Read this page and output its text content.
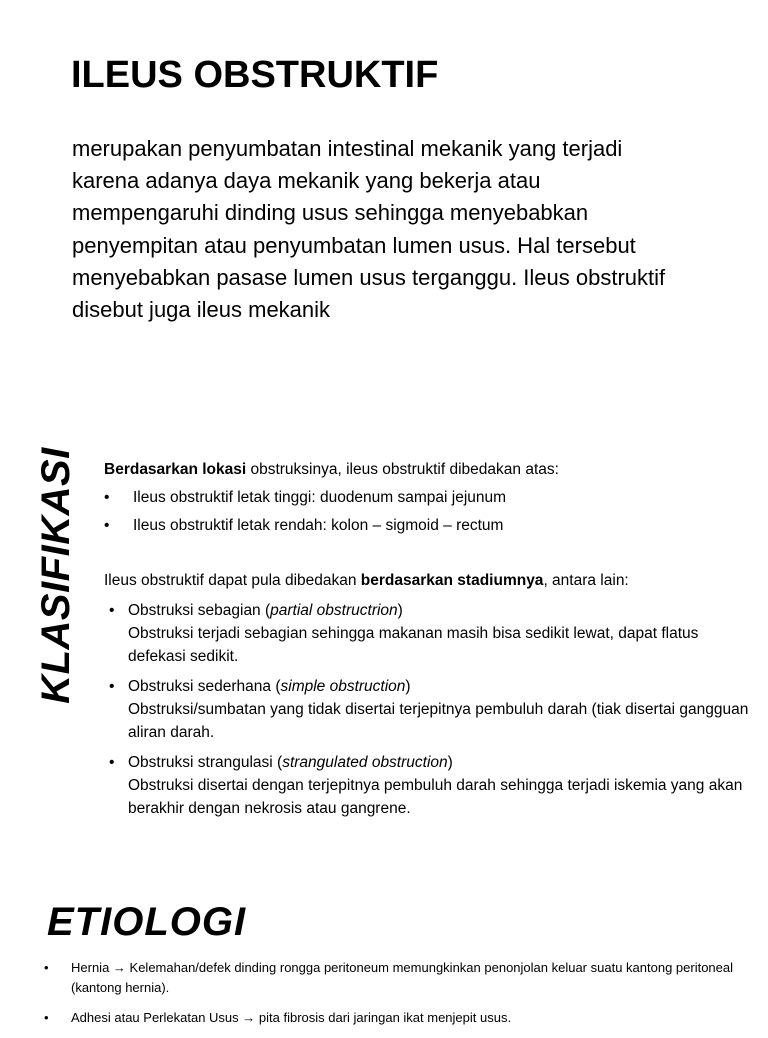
ILEUS OBSTRUKTIF

merupakan penyumbatan intestinal mekanik yang terjadi karena adanya daya mekanik yang bekerja atau mempengaruhi dinding usus sehingga menyebabkan penyempitan atau penyumbatan lumen usus. Hal tersebut menyebabkan pasase lumen usus terganggu. Ileus obstruktif disebut juga ileus mekanik

KLASIFIKASI Berdasarkan lokasi obstruksinya, ileus obstruktif dibedakan atas:

• Ileus obstruktif letak tinggi: duodenum sampai jejunum
• Ileus obstruktif letak rendah: kolon – sigmoid – rectum

Ileus obstruktif dapat pula dibedakan berdasarkan stadiumnya, antara lain:

• Obstruksi sebagian (partial obstructrion)
Obstruksi terjadi sebagian sehingga makanan masih bisa sedikit lewat, dapat flatus defekasi sedikit.
• Obstruksi sederhana (simple obstruction)
Obstruksi/sumbatan yang tidak disertai terjepitnya pembuluh darah (tiak disertai gangguan aliran darah.
• Obstruksi strangulasi (strangulated obstruction)
Obstruksi disertai dengan terjepitnya pembuluh darah sehingga terjadi iskemia yang akan berakhir dengan nekrosis atau gangrene.
ETIOLOGI
• Hernia → Kelemahan/defek dinding rongga peritoneum memungkinkan penonjolan keluar suatu kantong peritoneal (kantong hernia).
• Adhesi atau Perlekatan Usus → pita fibrosis dari jaringan ikat menjepit usus.
